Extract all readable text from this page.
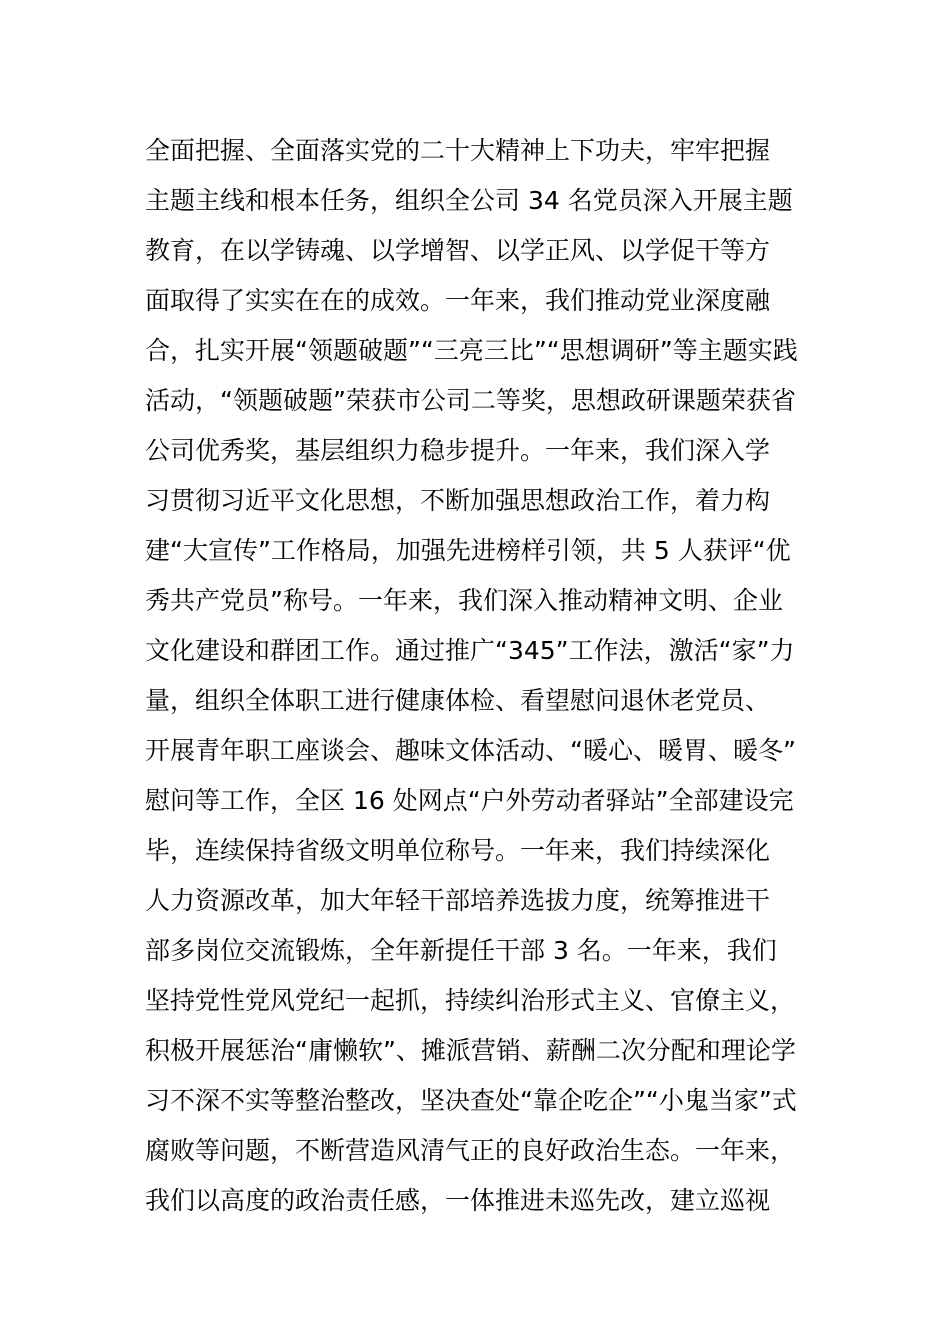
全面把握、全面落实党的二十大精神上下功夫，牢牢把握
主题主线和根本任务，组织全公司 34 名党员深入开展主题
教育，在以学铸魂、以学增智、以学正风、以学促干等方
面取得了实实在在的成效。一年来，我们推动党业深度融
合，扎实开展“领题破题”“三亮三比”“思想调研”等主题实践
活动，“领题破题”荣获市公司二等奖，思想政研课题荣获省
公司优秀奖，基层组织力稳步提升。一年来，我们深入学
习贯彻习近平文化思想，不断加强思想政治工作，着力构
建“大宣传”工作格局，加强先进榜样引领，共 5 人获评“优
秀共产党员”称号。一年来，我们深入推动精神文明、企业
文化建设和群团工作。通过推广“345”工作法，激活“家”力
量，组织全体职工进行健康体检、看望慰问退休老党员、
开展青年职工座谈会、趣味文体活动、“暖心、暖胃、暖冬”
慰问等工作，全区 16 处网点“户外劳动者驿站”全部建设完
毕，连续保持省级文明单位称号。一年来，我们持续深化
人力资源改革，加大年轻干部培养选拔力度，统筹推进干
部多岗位交流锻炼，全年新提任干部 3 名。一年来，我们
坚持党性党风党纪一起抓，持续纠治形式主义、官僚主义，
积极开展惩治“庸懒软”、摊派营销、薪酬二次分配和理论学
习不深不实等整治整改，坚决查处“靠企吃企”“小鬼当家”式
腐败等问题，不断营造风清气正的良好政治生态。一年来，
我们以高度的政治责任感，一体推进未巡先改，建立巡视
